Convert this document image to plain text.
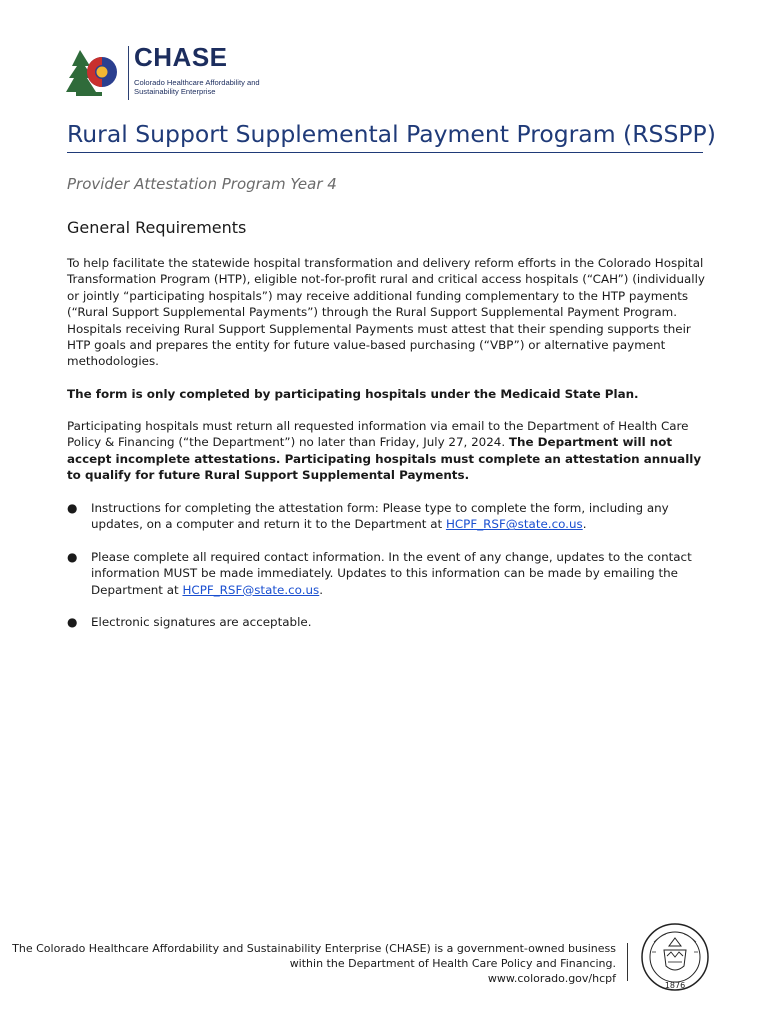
CHASE
Colorado Healthcare Affordability and
Sustainability Enterprise
Rural Support Supplemental Payment Program (RSSPP)

Provider Attestation Program Year 4

General Requirements

To help facilitate the statewide hospital transformation and delivery reform efforts in the Colorado Hospital Transformation Program (HTP), eligible not-for-profit rural and critical access hospitals (“CAH”) (individually or jointly “participating hospitals”) may receive additional funding complementary to the HTP payments (“Rural Support Supplemental Payments”) through the Rural Support Supplemental Payment Program. Hospitals receiving Rural Support Supplemental Payments must attest that their spending supports their HTP goals and prepares the entity for future value-based purchasing (“VBP”) or alternative payment methodologies.

The form is only completed by participating hospitals under the Medicaid State Plan.

Participating hospitals must return all requested information via email to the Department of Health Care Policy & Financing (“the Department”) no later than Friday, July 27, 2024. The Department will not accept incomplete attestations. Participating hospitals must complete an attestation annually to qualify for future Rural Support Supplemental Payments.

● Instructions for completing the attestation form: Please type to complete the form, including any updates, on a computer and return it to the Department at HCPF_RSF@state.co.us.
● Please complete all required contact information. In the event of any change, updates to the contact information MUST be made immediately. Updates to this information can be made by emailing the Department at HCPF_RSF@state.co.us.
● Electronic signatures are acceptable.
The Colorado Healthcare Affordability and Sustainability Enterprise (CHASE) is a government-owned business
within the Department of Health Care Policy and Financing.
www.colorado.gov/hcpf
1876
